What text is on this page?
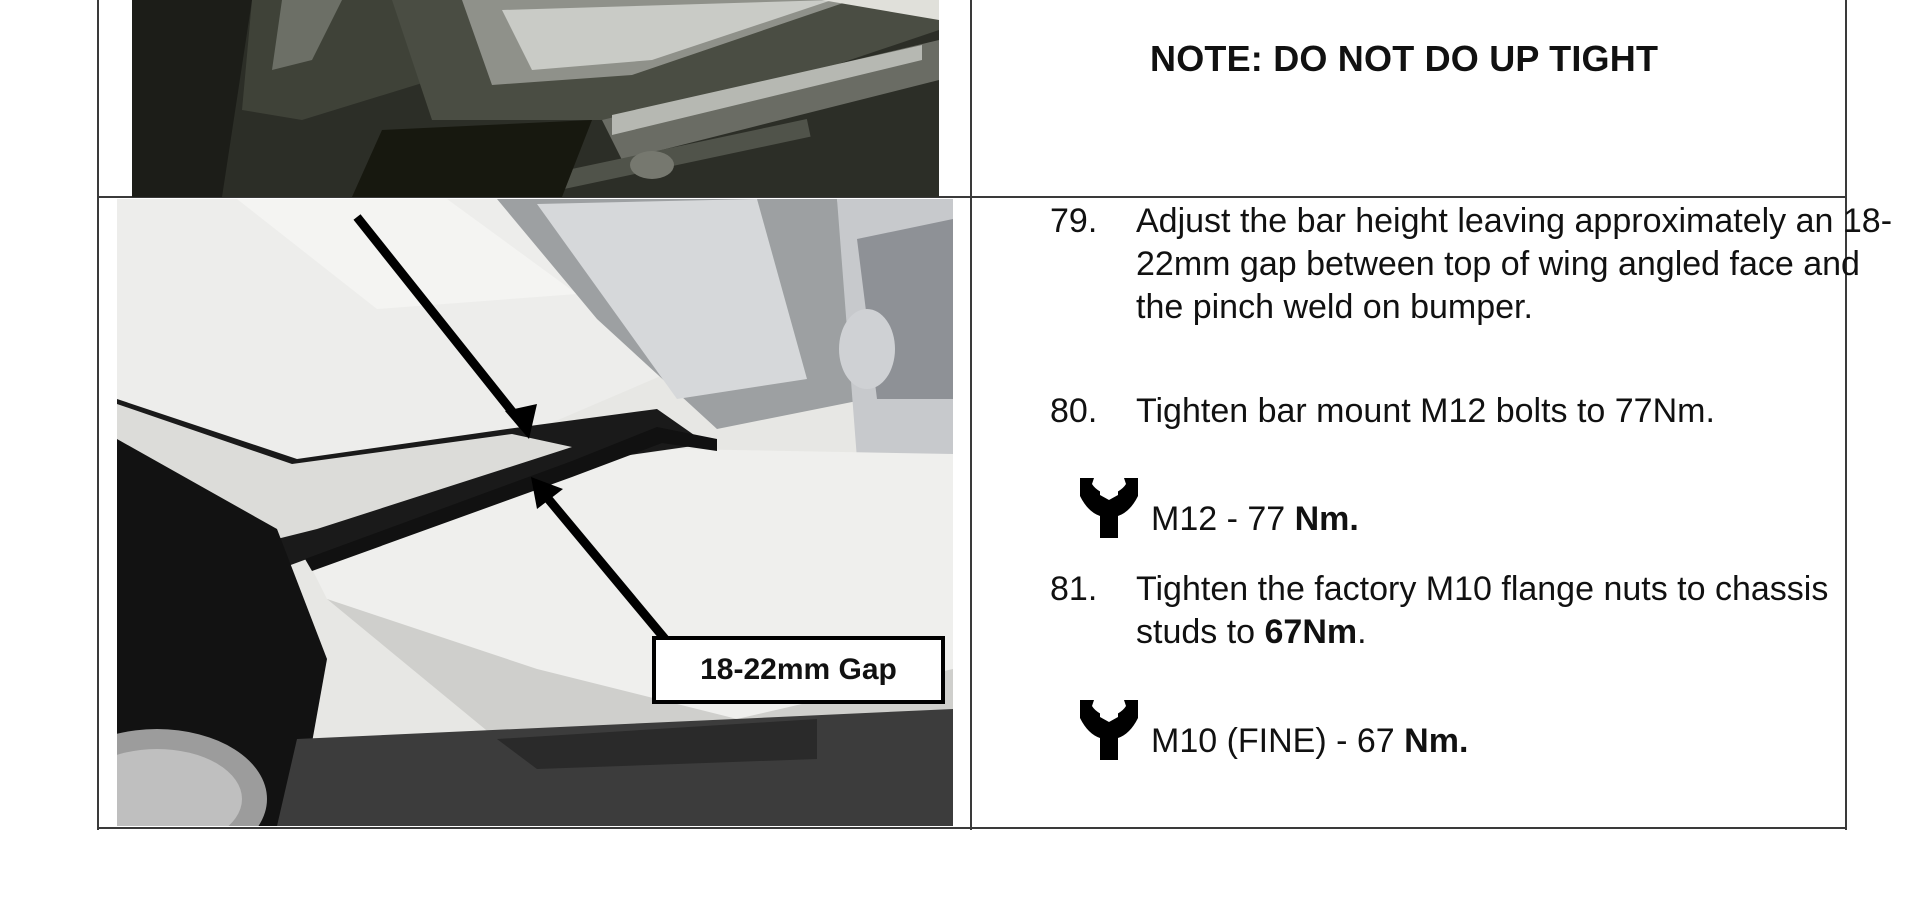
18-22mm Gap
NOTE: DO NOT DO UP TIGHT
79.	Adjust the bar height leaving approximately an 18-22mm gap between top of wing angled face and the pinch weld on bumper.
80.	Tighten bar mount M12 bolts to 77Nm.
M12 - 77 Nm.
81.	Tighten the factory M10 flange nuts to chassis studs to 67Nm.
M10 (FINE) - 67 Nm.
